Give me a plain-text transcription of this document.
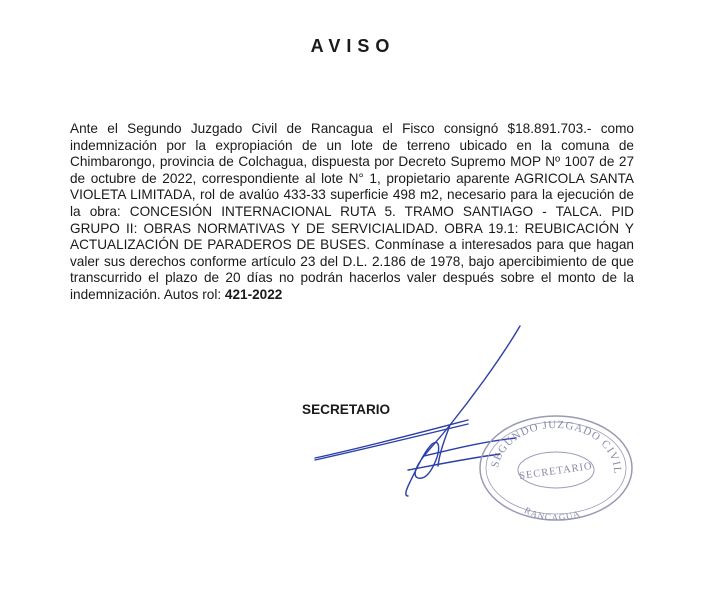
AVISO
Ante el Segundo Juzgado Civil de Rancagua el Fisco consignó $18.891.703.- como indemnización por la expropiación de un lote de terreno ubicado en la comuna de Chimbarongo, provincia de Colchagua, dispuesta por Decreto Supremo MOP Nº 1007 de 27 de octubre de 2022, correspondiente al lote N° 1, propietario aparente AGRICOLA SANTA VIOLETA LIMITADA, rol de avalúo 433-33 superficie 498 m2, necesario para la ejecución de la obra: CONCESIÓN INTERNACIONAL RUTA 5. TRAMO SANTIAGO - TALCA. PID GRUPO II: OBRAS NORMATIVAS Y DE SERVICIALIDAD. OBRA 19.1: REUBICACIÓN Y ACTUALIZACIÓN DE PARADEROS DE BUSES. Conmínase a interesados para que hagan valer sus derechos conforme artículo 23 del D.L. 2.186 de 1978, bajo apercibimiento de que transcurrido el plazo de 20 días no podrán hacerlos valer después sobre el monto de la indemnización. Autos rol: 421-2022
SECRETARIO
SEGUNDO JUZGADO CIVIL
SECRETARIO
RANCAGUA
